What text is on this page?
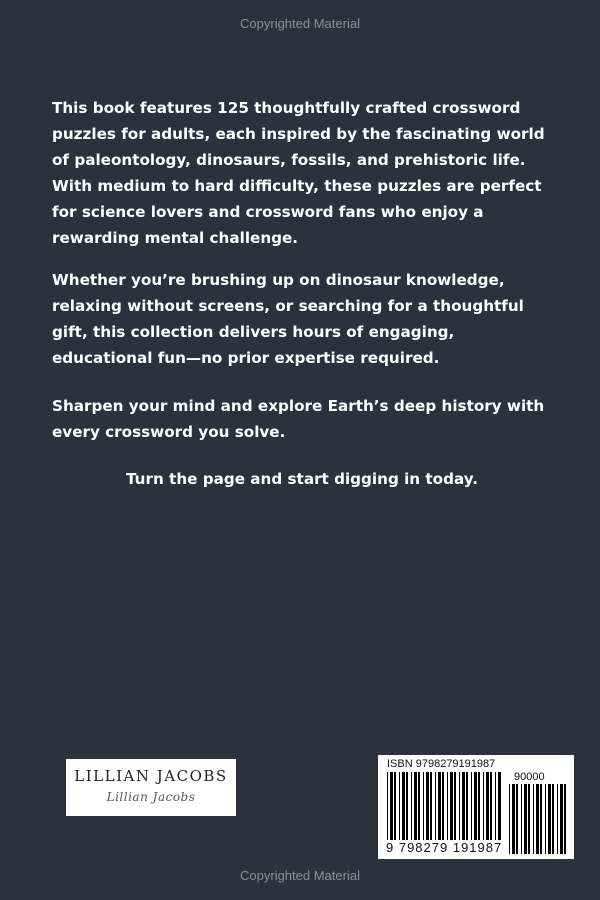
Copyrighted Material

This book features 125 thoughtfully crafted crossword puzzles for adults, each inspired by the fascinating world of paleontology, dinosaurs, fossils, and prehistoric life. With medium to hard difficulty, these puzzles are perfect for science lovers and crossword fans who enjoy a rewarding mental challenge.

Whether you’re brushing up on dinosaur knowledge, relaxing without screens, or searching for a thoughtful gift, this collection delivers hours of engaging, educational fun—no prior expertise required.

Sharpen your mind and explore Earth’s deep history with every crossword you solve.

Turn the page and start digging in today.

LILLIAN JACOBS
Lillian Jacobs
ISBN 9798279191987
90000
9 798279 191987
Copyrighted Material
